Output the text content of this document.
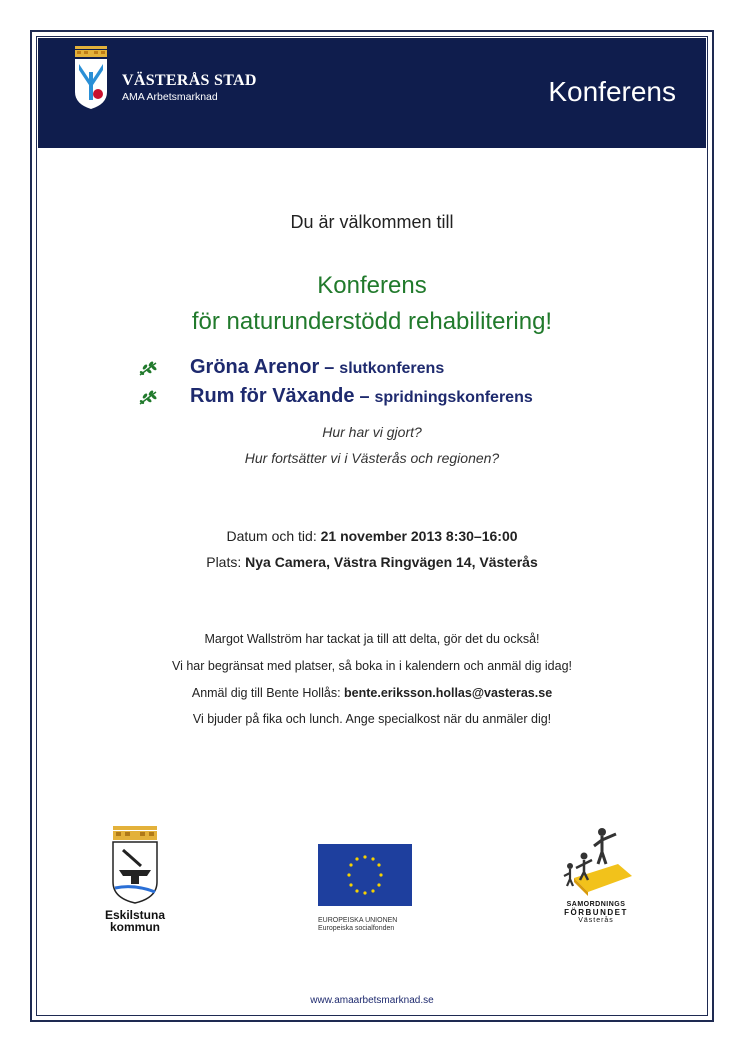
VÄSTERÅS STAD
AMA Arbetsmarknad	Konferens
Du är välkommen till
Konferens
för naturunderstödd rehabilitering!
Gröna Arenor – slutkonferens
Rum för Växande – spridningskonferens
Hur har vi gjort?
Hur fortsätter vi i Västerås och regionen?
Datum och tid: 21 november 2013 8:30–16:00
Plats: Nya Camera, Västra Ringvägen 14, Västerås
Margot Wallström har tackat ja till att delta, gör det du också!
Vi har begränsat med platser, så boka in i kalendern och anmäl dig idag!
Anmäl dig till Bente Hollås: bente.eriksson.hollas@vasteras.se
Vi bjuder på fika och lunch. Ange specialkost när du anmäler dig!
Eskilstuna
kommun	EUROPEISKA UNIONEN
Europeiska socialfonden
SAMORDNINGS
FÖRBUNDET
Västerås
www.amaarbetsmarknad.se
